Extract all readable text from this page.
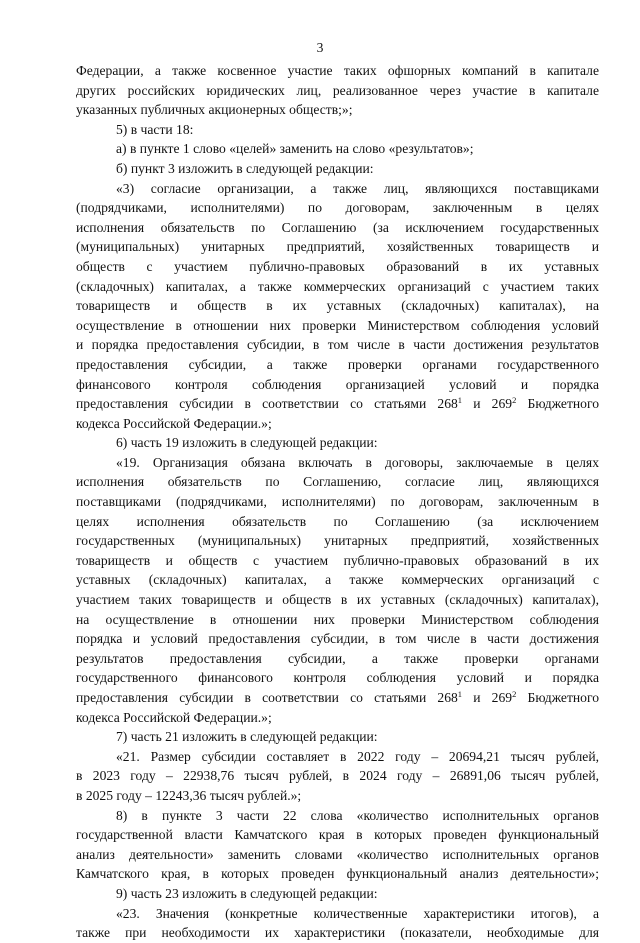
3
Федерации, а также косвенное участие таких офшорных компаний в капитале
других российских юридических лиц, реализованное через участие в капитале
указанных публичных акционерных обществ;»;
5) в части 18:
а) в пункте 1 слово «целей» заменить на слово «результатов»;
б) пункт 3 изложить в следующей редакции:
«3) согласие организации, а также лиц, являющихся поставщиками
(подрядчиками, исполнителями) по договорам, заключенным в целях
исполнения обязательств по Соглашению (за исключением государственных
(муниципальных) унитарных предприятий, хозяйственных товариществ и
обществ с участием публично-правовых образований в их уставных
(складочных) капиталах, а также коммерческих организаций с участием таких
товариществ и обществ в их уставных (складочных) капиталах), на
осуществление в отношении них проверки Министерством соблюдения условий
и порядка предоставления субсидии, в том числе в части достижения результатов
предоставления субсидии, а также проверки органами государственного
финансового контроля соблюдения организацией условий и порядка
предоставления субсидии в соответствии со статьями $268^1$ и $269^2$ Бюджетного
кодекса Российской Федерации.»;
6) часть 19 изложить в следующей редакции:
«19. Организация обязана включать в договоры, заключаемые в целях
исполнения обязательств по Соглашению, согласие лиц, являющихся
поставщиками (подрядчиками, исполнителями) по договорам, заключенным в
целях исполнения обязательств по Соглашению (за исключением
государственных (муниципальных) унитарных предприятий, хозяйственных
товариществ и обществ с участием публично-правовых образований в их
уставных (складочных) капиталах, а также коммерческих организаций с
участием таких товариществ и обществ в их уставных (складочных) капиталах),
на осуществление в отношении них проверки Министерством соблюдения
порядка и условий предоставления субсидии, в том числе в части достижения
результатов предоставления субсидии, а также проверки органами
государственного финансового контроля соблюдения условий и порядка
предоставления субсидии в соответствии со статьями $268^1$ и $269^2$ Бюджетного
кодекса Российской Федерации.»;
7) часть 21 изложить в следующей редакции:
«21. Размер субсидии составляет в 2022 году – 20694,21 тысяч рублей,
в 2023 году – 22938,76 тысяч рублей, в 2024 году – 26891,06 тысяч рублей,
в 2025 году – 12243,36 тысяч рублей.»;
8) в пункте 3 части 22 слова «количество исполнительных органов
государственной власти Камчатского края в которых проведен функциональный
анализ деятельности» заменить словами «количество исполнительных органов
Камчатского края, в которых проведен функциональный анализ деятельности»;
9) часть 23 изложить в следующей редакции:
«23. Значения (конкретные количественные характеристики итогов), а
также при необходимости их характеристики (показатели, необходимые для
